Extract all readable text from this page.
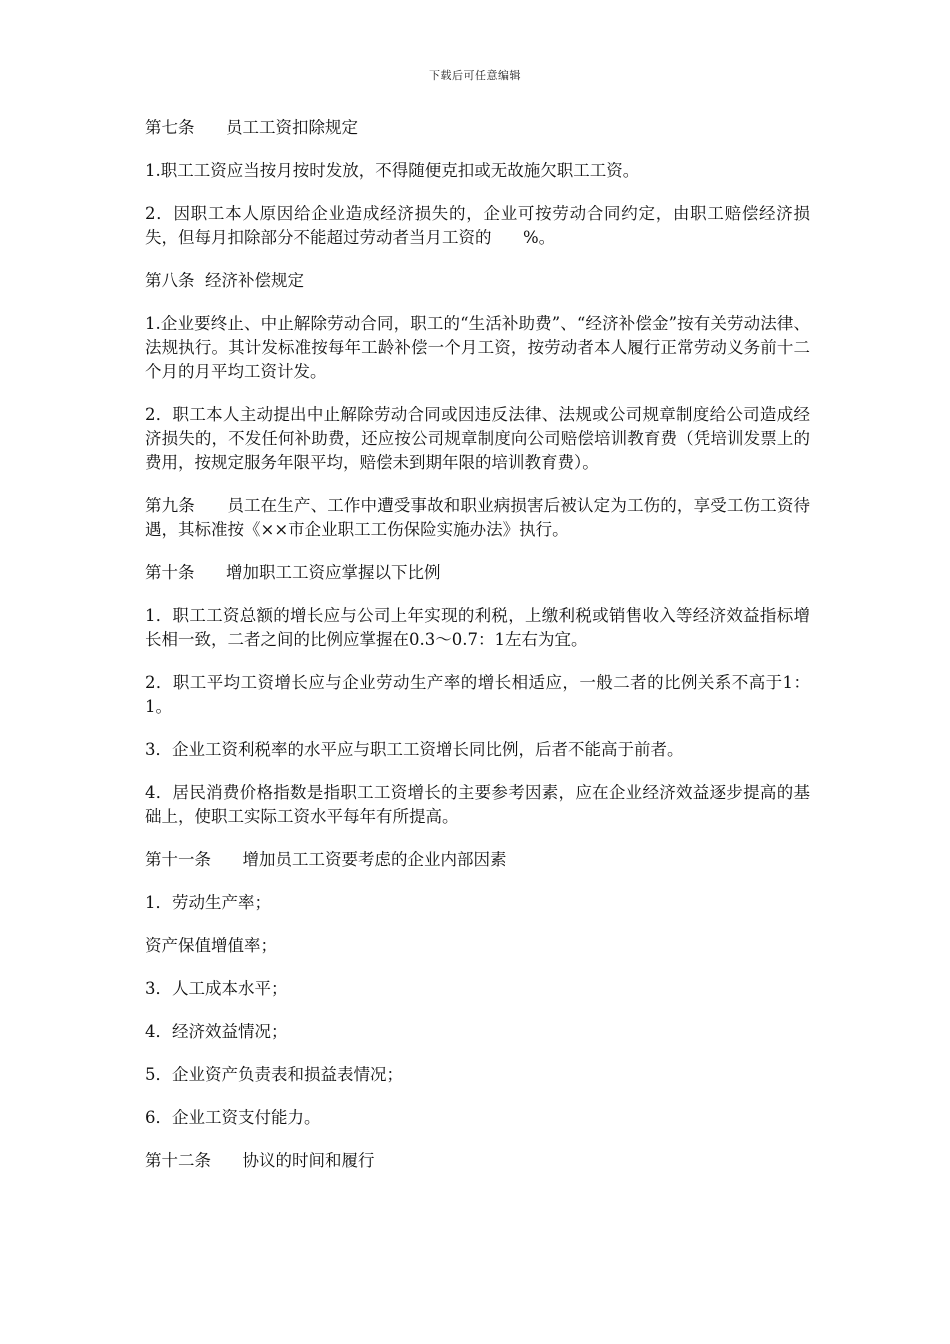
下载后可任意编辑

第七条      员工工资扣除规定

1.职工工资应当按月按时发放，不得随便克扣或无故施欠职工工资。

2．因职工本人原因给企业造成经济损失的，企业可按劳动合同约定，由职工赔偿经济损失，但每月扣除部分不能超过劳动者当月工资的      %。

第八条  经济补偿规定

1.企业要终止、中止解除劳动合同，职工的“生活补助费”、“经济补偿金”按有关劳动法律、法规执行。其计发标准按每年工龄补偿一个月工资，按劳动者本人履行正常劳动义务前十二个月的月平均工资计发。

2．职工本人主动提出中止解除劳动合同或因违反法律、法规或公司规章制度给公司造成经济损失的，不发任何补助费，还应按公司规章制度向公司赔偿培训教育费（凭培训发票上的费用，按规定服务年限平均，赔偿未到期年限的培训教育费）。

第九条      员工在生产、工作中遭受事故和职业病损害后被认定为工伤的，享受工伤工资待遇，其标准按《××市企业职工工伤保险实施办法》执行。

第十条      增加职工工资应掌握以下比例

1．职工工资总额的增长应与公司上年实现的利税，上缴利税或销售收入等经济效益指标增长相一致，二者之间的比例应掌握在0.3～0.7：1左右为宜。

2．职工平均工资增长应与企业劳动生产率的增长相适应，一般二者的比例关系不高于1：1。

3．企业工资利税率的水平应与职工工资增长同比例，后者不能高于前者。

4．居民消费价格指数是指职工工资增长的主要参考因素，应在企业经济效益逐步提高的基础上，使职工实际工资水平每年有所提高。

第十一条      增加员工工资要考虑的企业内部因素

1．劳动生产率；

资产保值增值率；

3．人工成本水平；

4．经济效益情况；

5．企业资产负责表和损益表情况；

6．企业工资支付能力。

第十二条      协议的时间和履行
